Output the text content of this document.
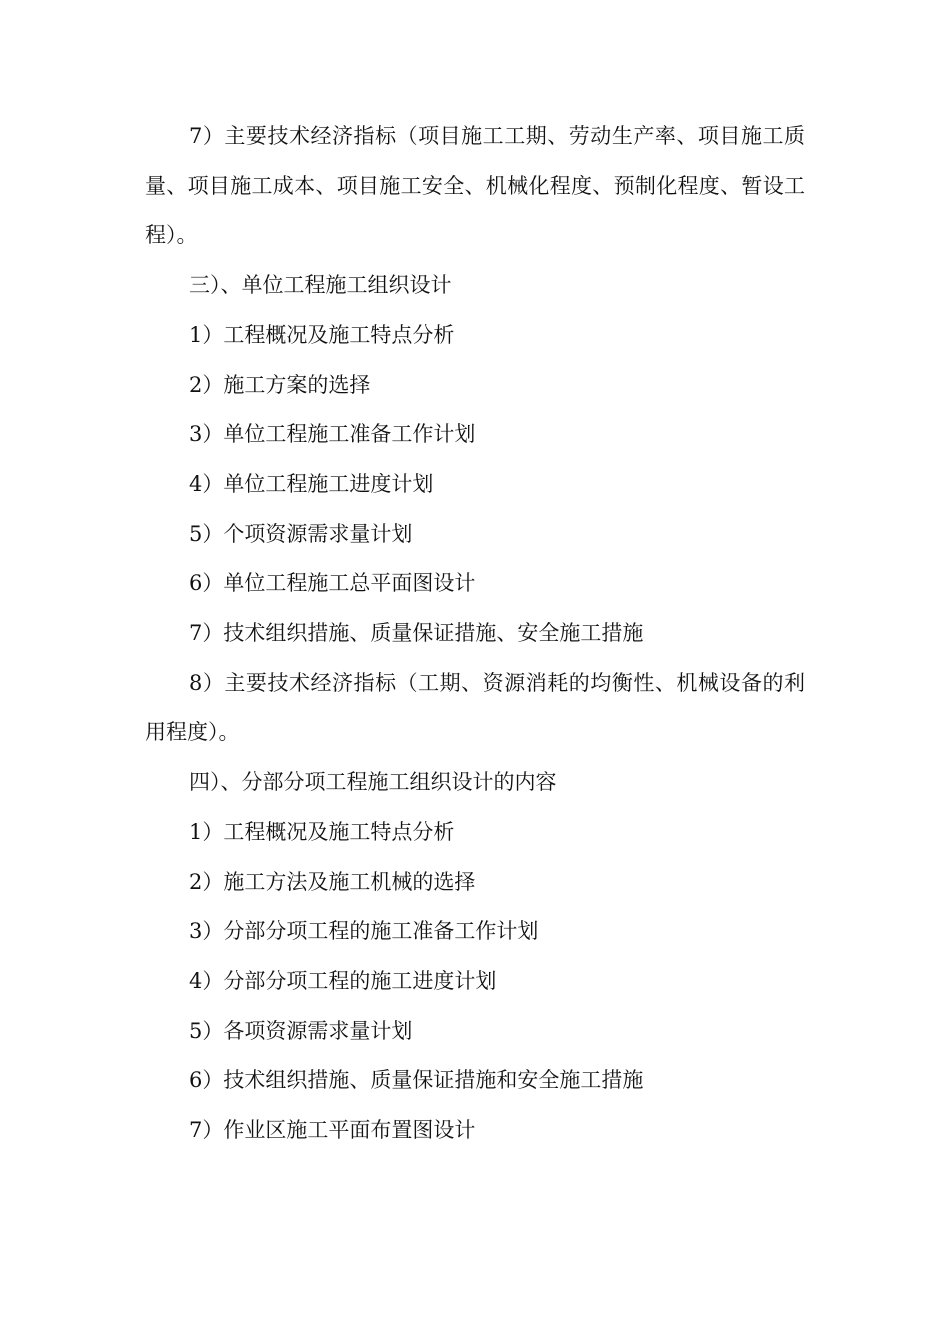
7）主要技术经济指标（项目施工工期、劳动生产率、项目施工质量、项目施工成本、项目施工安全、机械化程度、预制化程度、暂设工程）。

三）、单位工程施工组织设计

1）工程概况及施工特点分析

2）施工方案的选择

3）单位工程施工准备工作计划

4）单位工程施工进度计划

5）个项资源需求量计划

6）单位工程施工总平面图设计

7）技术组织措施、质量保证措施、安全施工措施

8）主要技术经济指标（工期、资源消耗的均衡性、机械设备的利用程度）。

四）、分部分项工程施工组织设计的内容

1）工程概况及施工特点分析

2）施工方法及施工机械的选择

3）分部分项工程的施工准备工作计划

4）分部分项工程的施工进度计划

5）各项资源需求量计划

6）技术组织措施、质量保证措施和安全施工措施

7）作业区施工平面布置图设计
